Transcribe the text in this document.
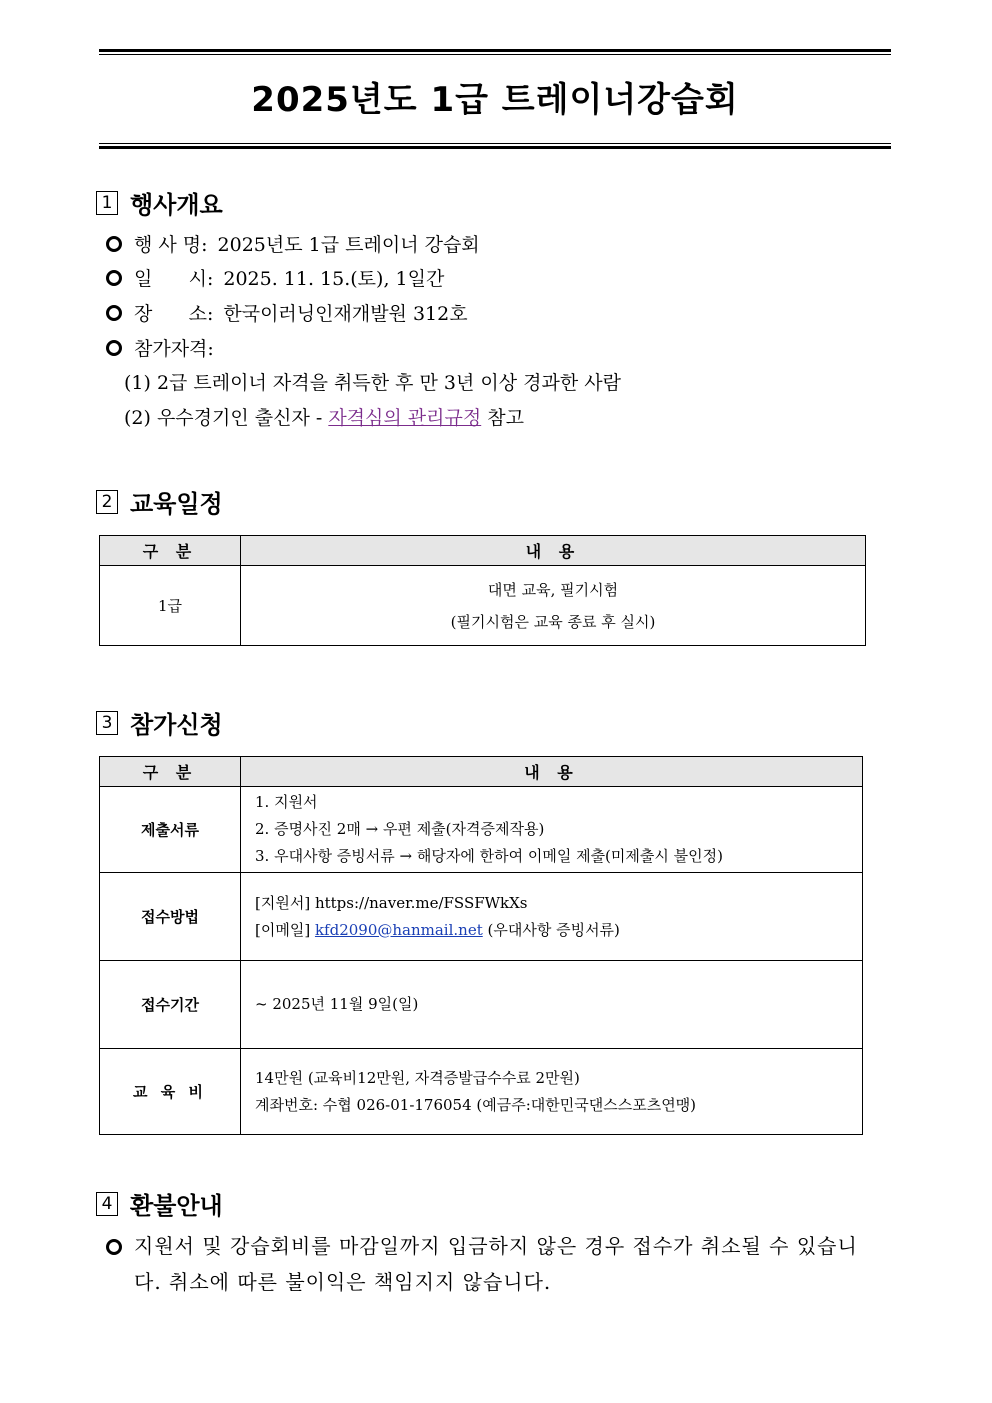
2025년도 1급 트레이너강습회
1 행사개요
행 사 명: 2025년도 1급 트레이너 강습회
일      시: 2025. 11. 15.(토), 1일간
장      소: 한국이러닝인재개발원 312호
참가자격:
(1) 2급 트레이너 자격을 취득한 후 만 3년 이상 경과한 사람
(2) 우수경기인 출신자 - 자격심의 관리규정 참고
2 교육일정
구 분	내 용
1급	대면 교육, 필기시험
(필기시험은 교육 종료 후 실시)
3 참가신청
구 분	내 용
제출서류	1. 지원서
2. 증명사진 2매 → 우편 제출(자격증제작용)
3. 우대사항 증빙서류 → 해당자에 한하여 이메일 제출(미제출시 불인정)

접수방법	[지원서] https://naver.me/FSSFWkXs
[이메일] kfd2090@hanmail.net (우대사항 증빙서류)

접수기간	~ 2025년 11월 9일(일)
교 육 비	14만원 (교육비12만원, 자격증발급수수료 2만원)
계좌번호: 수협 026-01-176054 (예금주:대한민국댄스스포츠연맹)
4 환불안내
지원서 및 강습회비를 마감일까지 입금하지 않은 경우 접수가 취소될 수 있습니다. 취소에 따른 불이익은 책임지지 않습니다.
